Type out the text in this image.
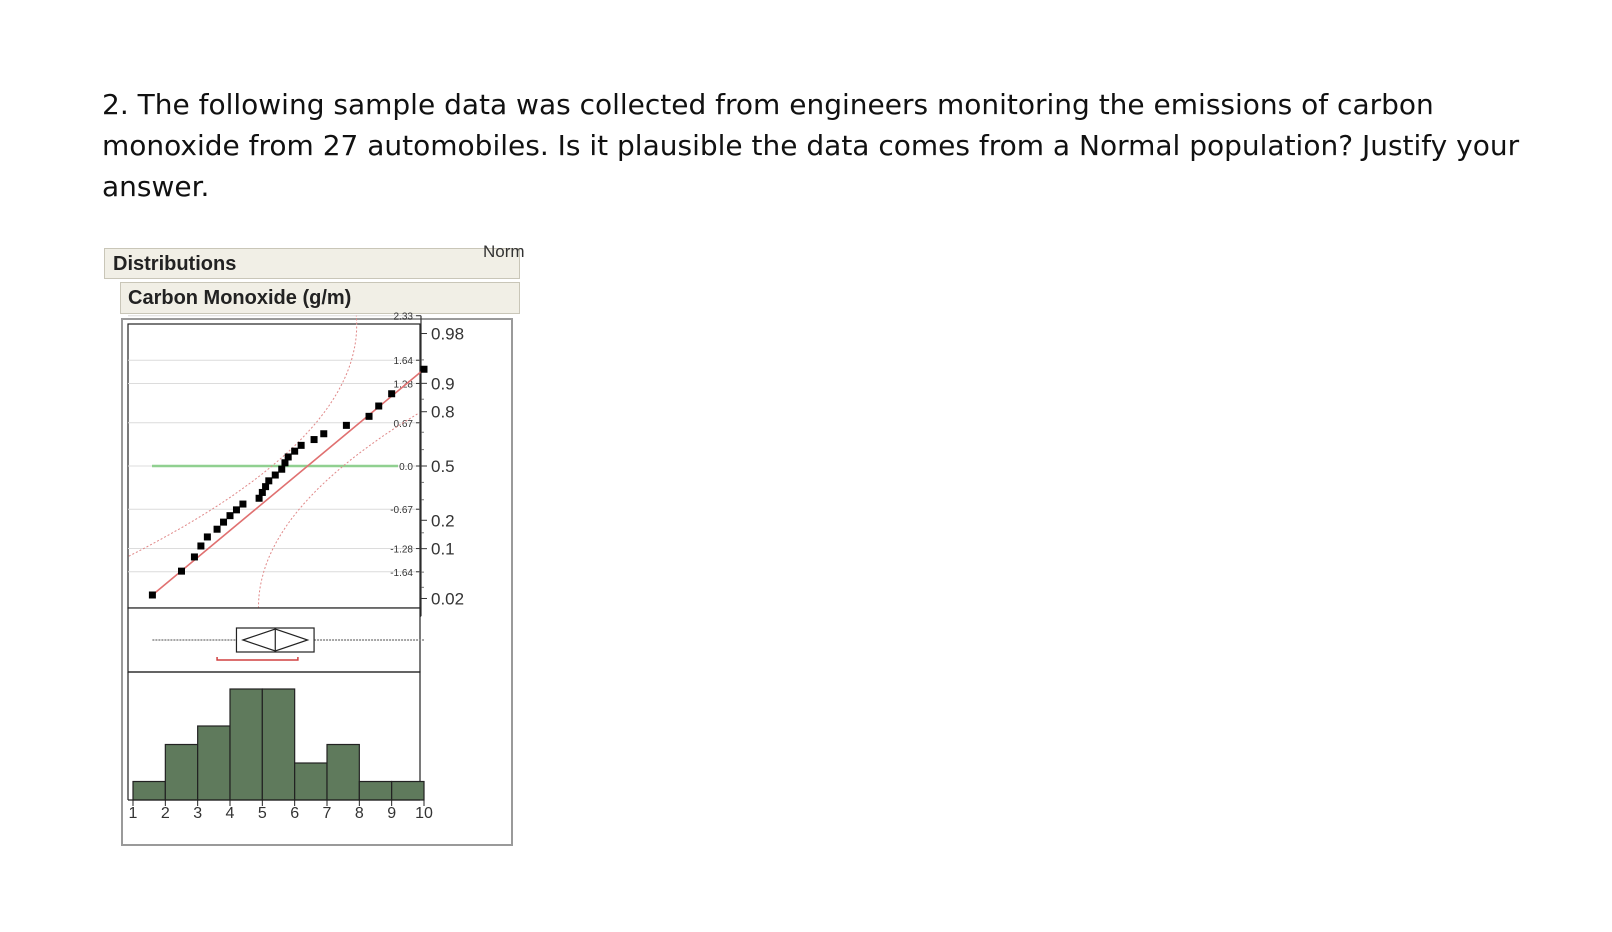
2. The following sample data was collected from engineers monitoring the emissions of carbon
monoxide from 27 automobiles. Is it plausible the data comes from a Normal population? Justify your
answer.
Distributions
Norm
Carbon Monoxide (g/m)
2.33
1.64
1.28
0.67
0.0
-0.67
-1.28
-1.64
0.98
0.9
0.8
0.5
0.2
0.1
0.02
1 2 3 4 5 6 7 8 9 10
